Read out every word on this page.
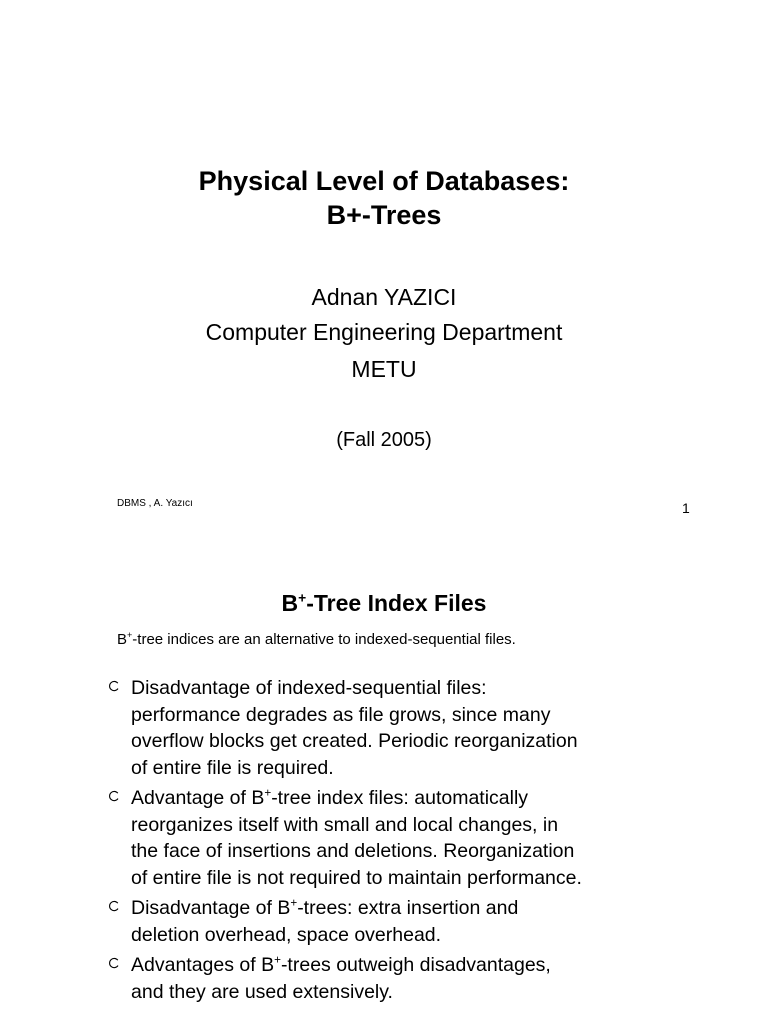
Physical Level of Databases:
B+-Trees
Adnan YAZICI
Computer Engineering Department
METU
(Fall 2005)
DBMS , A. Yazıcı	1
B+-Tree Index Files
B+-tree indices are an alternative to indexed-sequential files.
Disadvantage of indexed-sequential files:
performance degrades as file grows, since many
overflow blocks get created. Periodic reorganization
of entire file is required.
Advantage of B+-tree index files: automatically
reorganizes itself with small and local changes, in
the face of insertions and deletions. Reorganization
of entire file is not required to maintain performance.
Disadvantage of B+-trees: extra insertion and
deletion overhead, space overhead.
Advantages of B+-trees outweigh disadvantages,
and they are used extensively.
